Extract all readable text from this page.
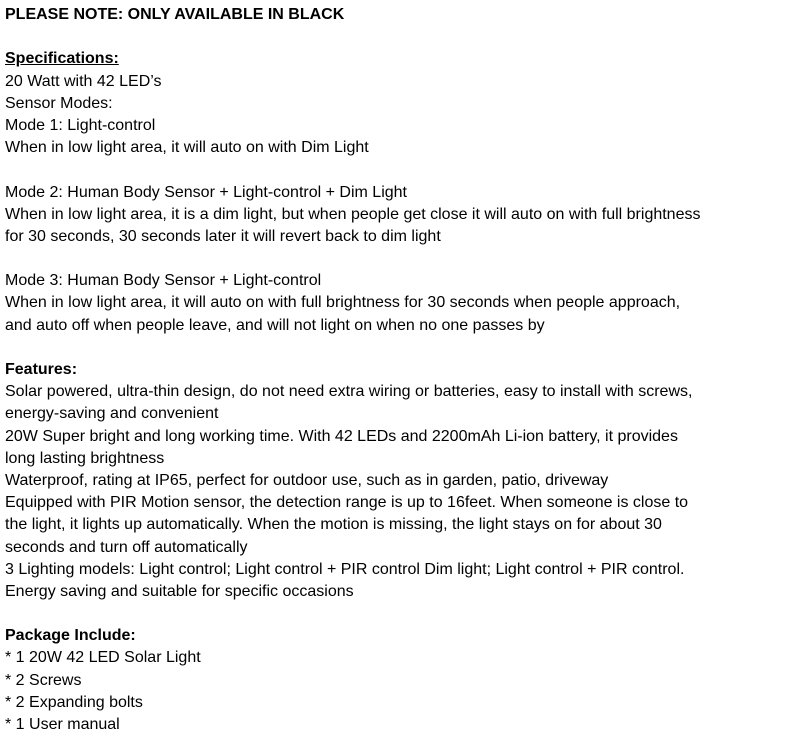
PLEASE NOTE: ONLY AVAILABLE IN BLACK
Specifications:
20 Watt with 42 LED’s
Sensor Modes:
Mode 1: Light-control
When in low light area, it will auto on with Dim Light
Mode 2: Human Body Sensor + Light-control + Dim Light
When in low light area, it is a dim light, but when people get close it will auto on with full brightness
for 30 seconds, 30 seconds later it will revert back to dim light
Mode 3: Human Body Sensor + Light-control
When in low light area, it will auto on with full brightness for 30 seconds when people approach,
and auto off when people leave, and will not light on when no one passes by
Features:
Solar powered, ultra-thin design, do not need extra wiring or batteries, easy to install with screws,
energy-saving and convenient
20W Super bright and long working time. With 42 LEDs and 2200mAh Li-ion battery, it provides
long lasting brightness
Waterproof, rating at IP65, perfect for outdoor use, such as in garden, patio, driveway
Equipped with PIR Motion sensor, the detection range is up to 16feet. When someone is close to
the light, it lights up automatically. When the motion is missing, the light stays on for about 30
seconds and turn off automatically
3 Lighting models: Light control; Light control + PIR control Dim light; Light control + PIR control.
Energy saving and suitable for specific occasions
Package Include:
* 1 20W 42 LED Solar Light
* 2 Screws
* 2 Expanding bolts
* 1 User manual
